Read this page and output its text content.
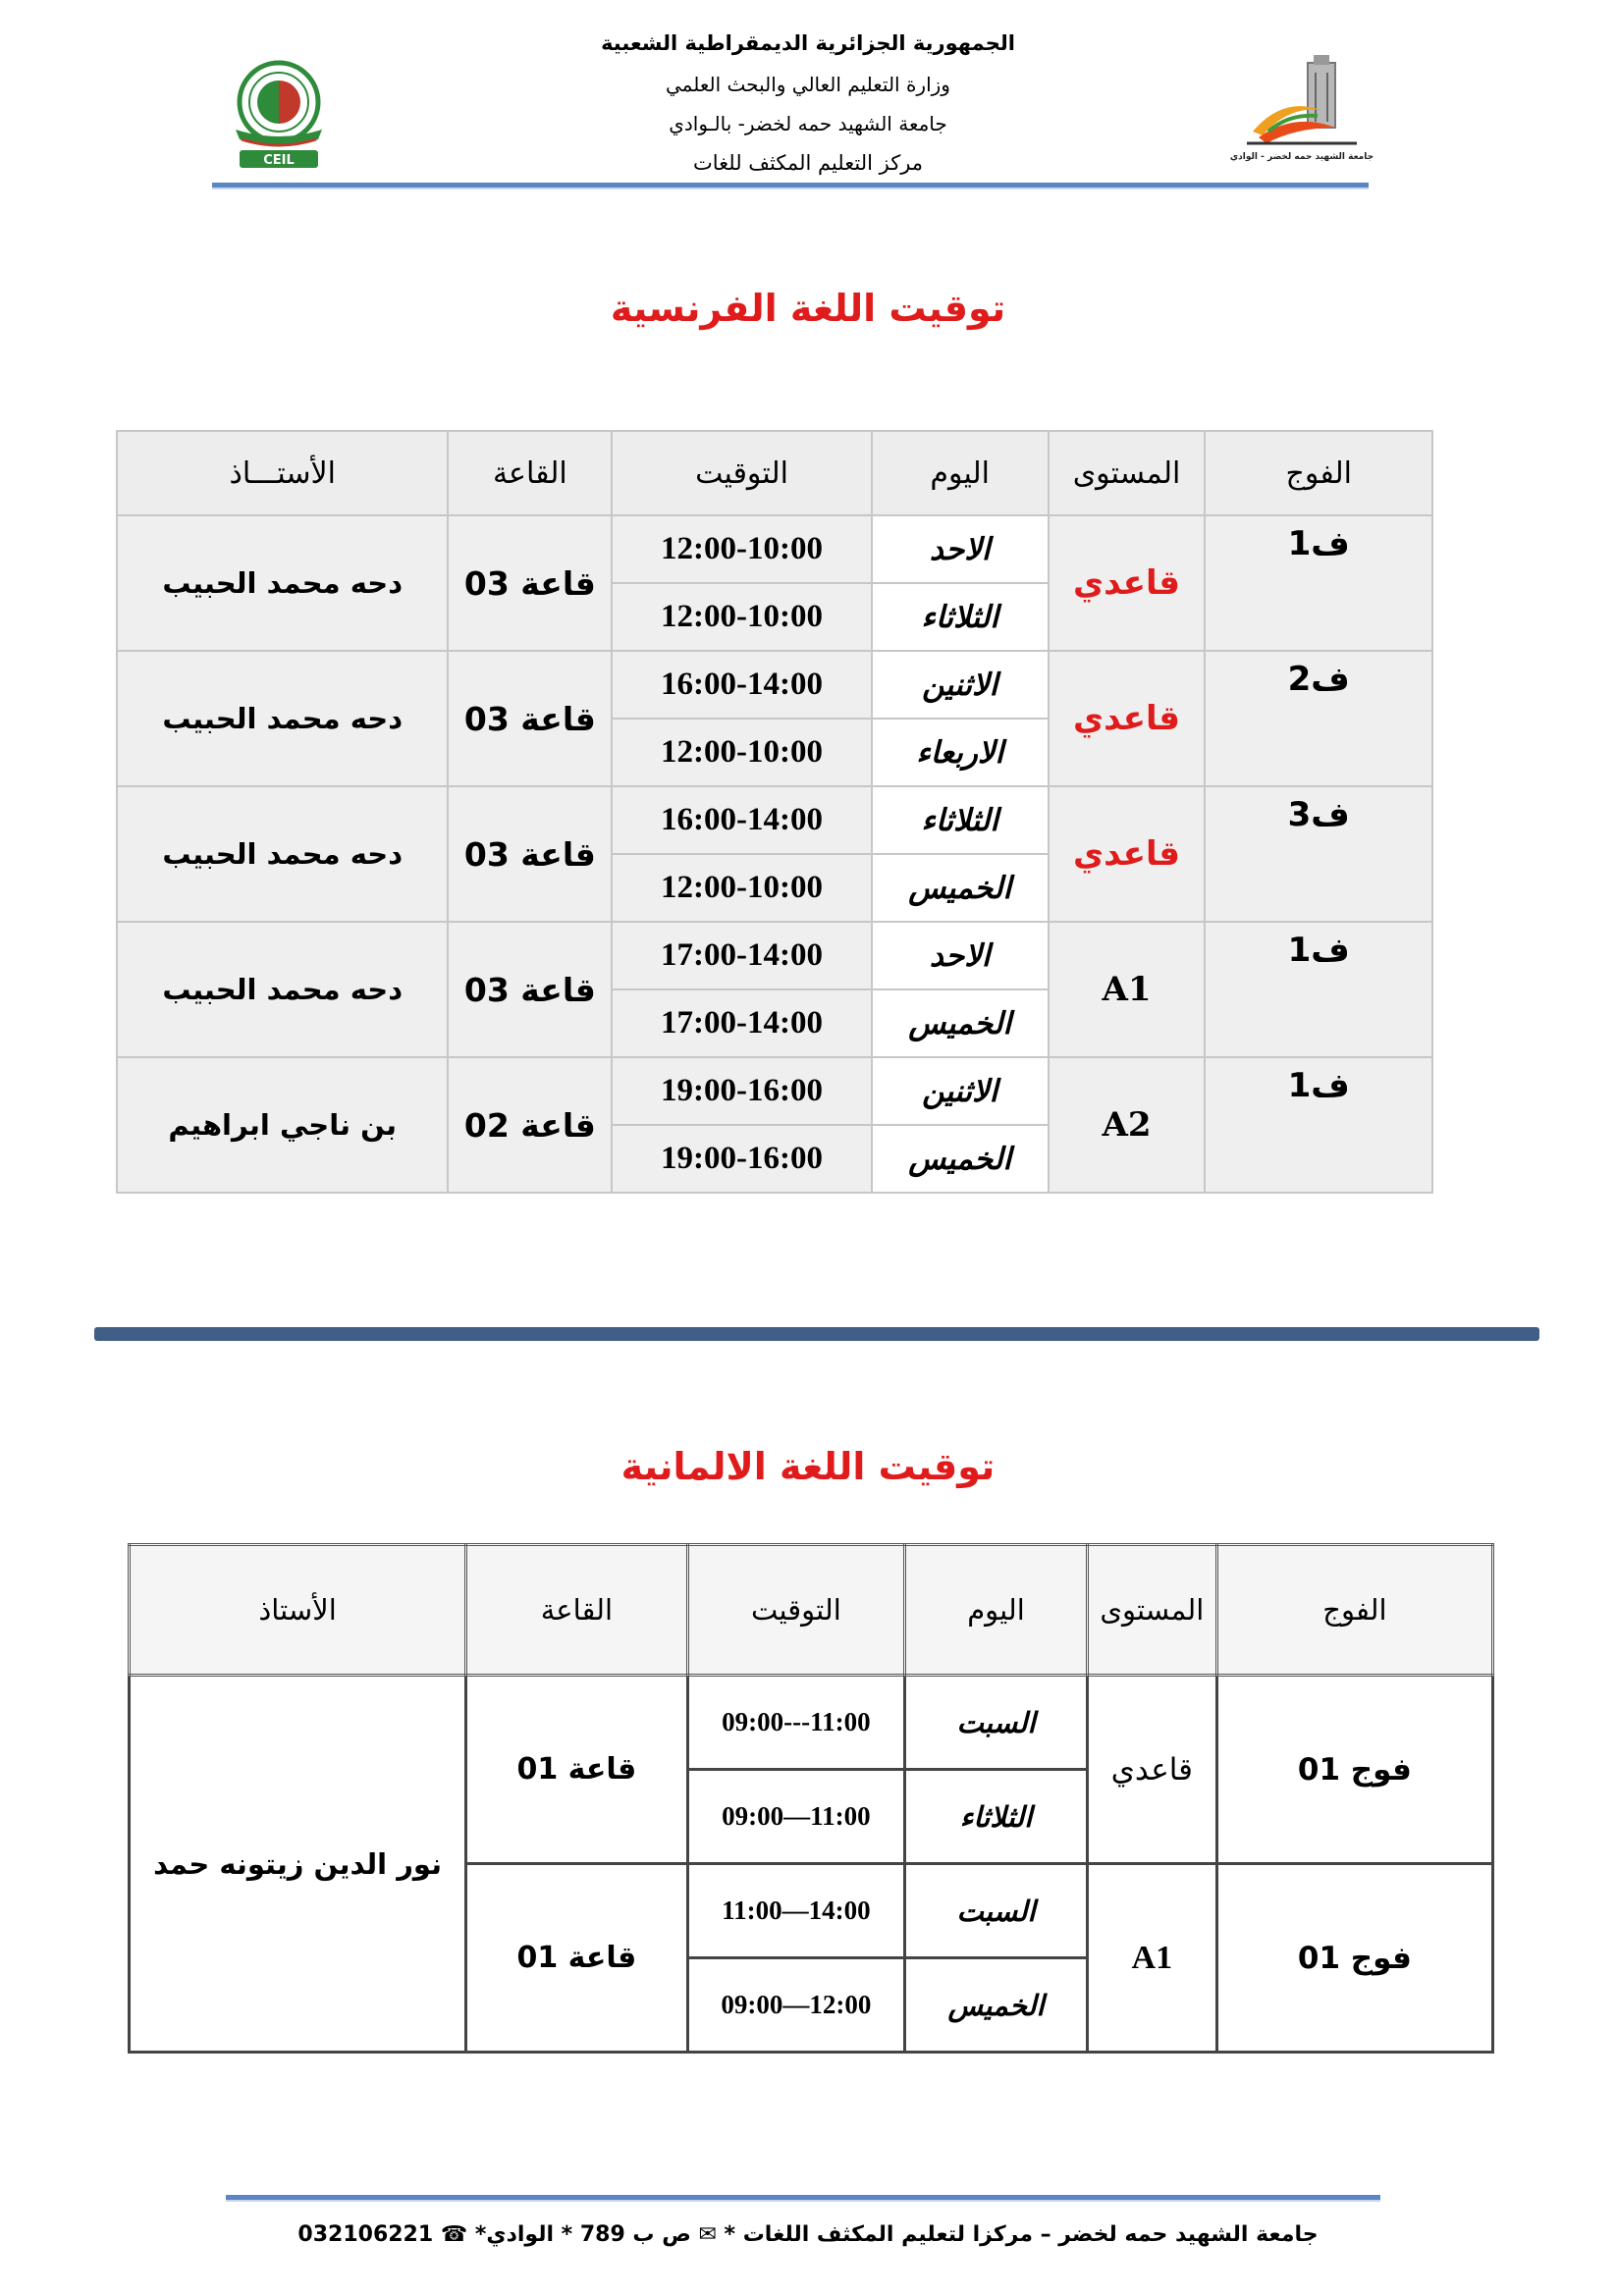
الجمهورية الجزائرية الديمقراطية الشعبية
وزارة التعليم العالي والبحث العلمي
جامعة الشهيد حمه لخضر- بالـوادي
مركز التعليم المكثف للغات
CEIL	جامعة الشهيد حمه لخضر - الوادي
توقيت اللغة الفرنسية
الفوج	المستوى	اليوم	التوقيت	القاعة	الأستـــاذ
ف1	قاعدي	الاحد	12:00-10:00	قاعة 03	دحه محمد الحبيب
		الثلاثاء	12:00-10:00		
ف2	قاعدي	الاثنين	16:00-14:00	قاعة 03	دحه محمد الحبيب
		الاربعاء	12:00-10:00		
ف3	قاعدي	الثلاثاء	16:00-14:00	قاعة 03	دحه محمد الحبيب
		الخميس	12:00-10:00		
ف1	A1	الاحد	17:00-14:00	قاعة 03	دحه محمد الحبيب
		الخميس	17:00-14:00		
ف1	A2	الاثنين	19:00-16:00	قاعة 02	بن ناجي ابراهيم
		الخميس	19:00-16:00		
توقيت اللغة الالمانية
الفوج	المستوى	اليوم	التوقيت	القاعة	الأستاذ
فوج 01	قاعدي	السبت	11:00---09:00	قاعة 01	نور الدين زيتونه حمد
		الثلاثاء	11:00—09:00		
فوج 01	A1	السبت	14:00—11:00	قاعة 01	
		الخميس	12:00—09:00		
جامعة الشهيد حمه لخضر – مركزا لتعليم المكثف اللغات * ✉ ص ب 789 * الوادي* ☎ 032106221
